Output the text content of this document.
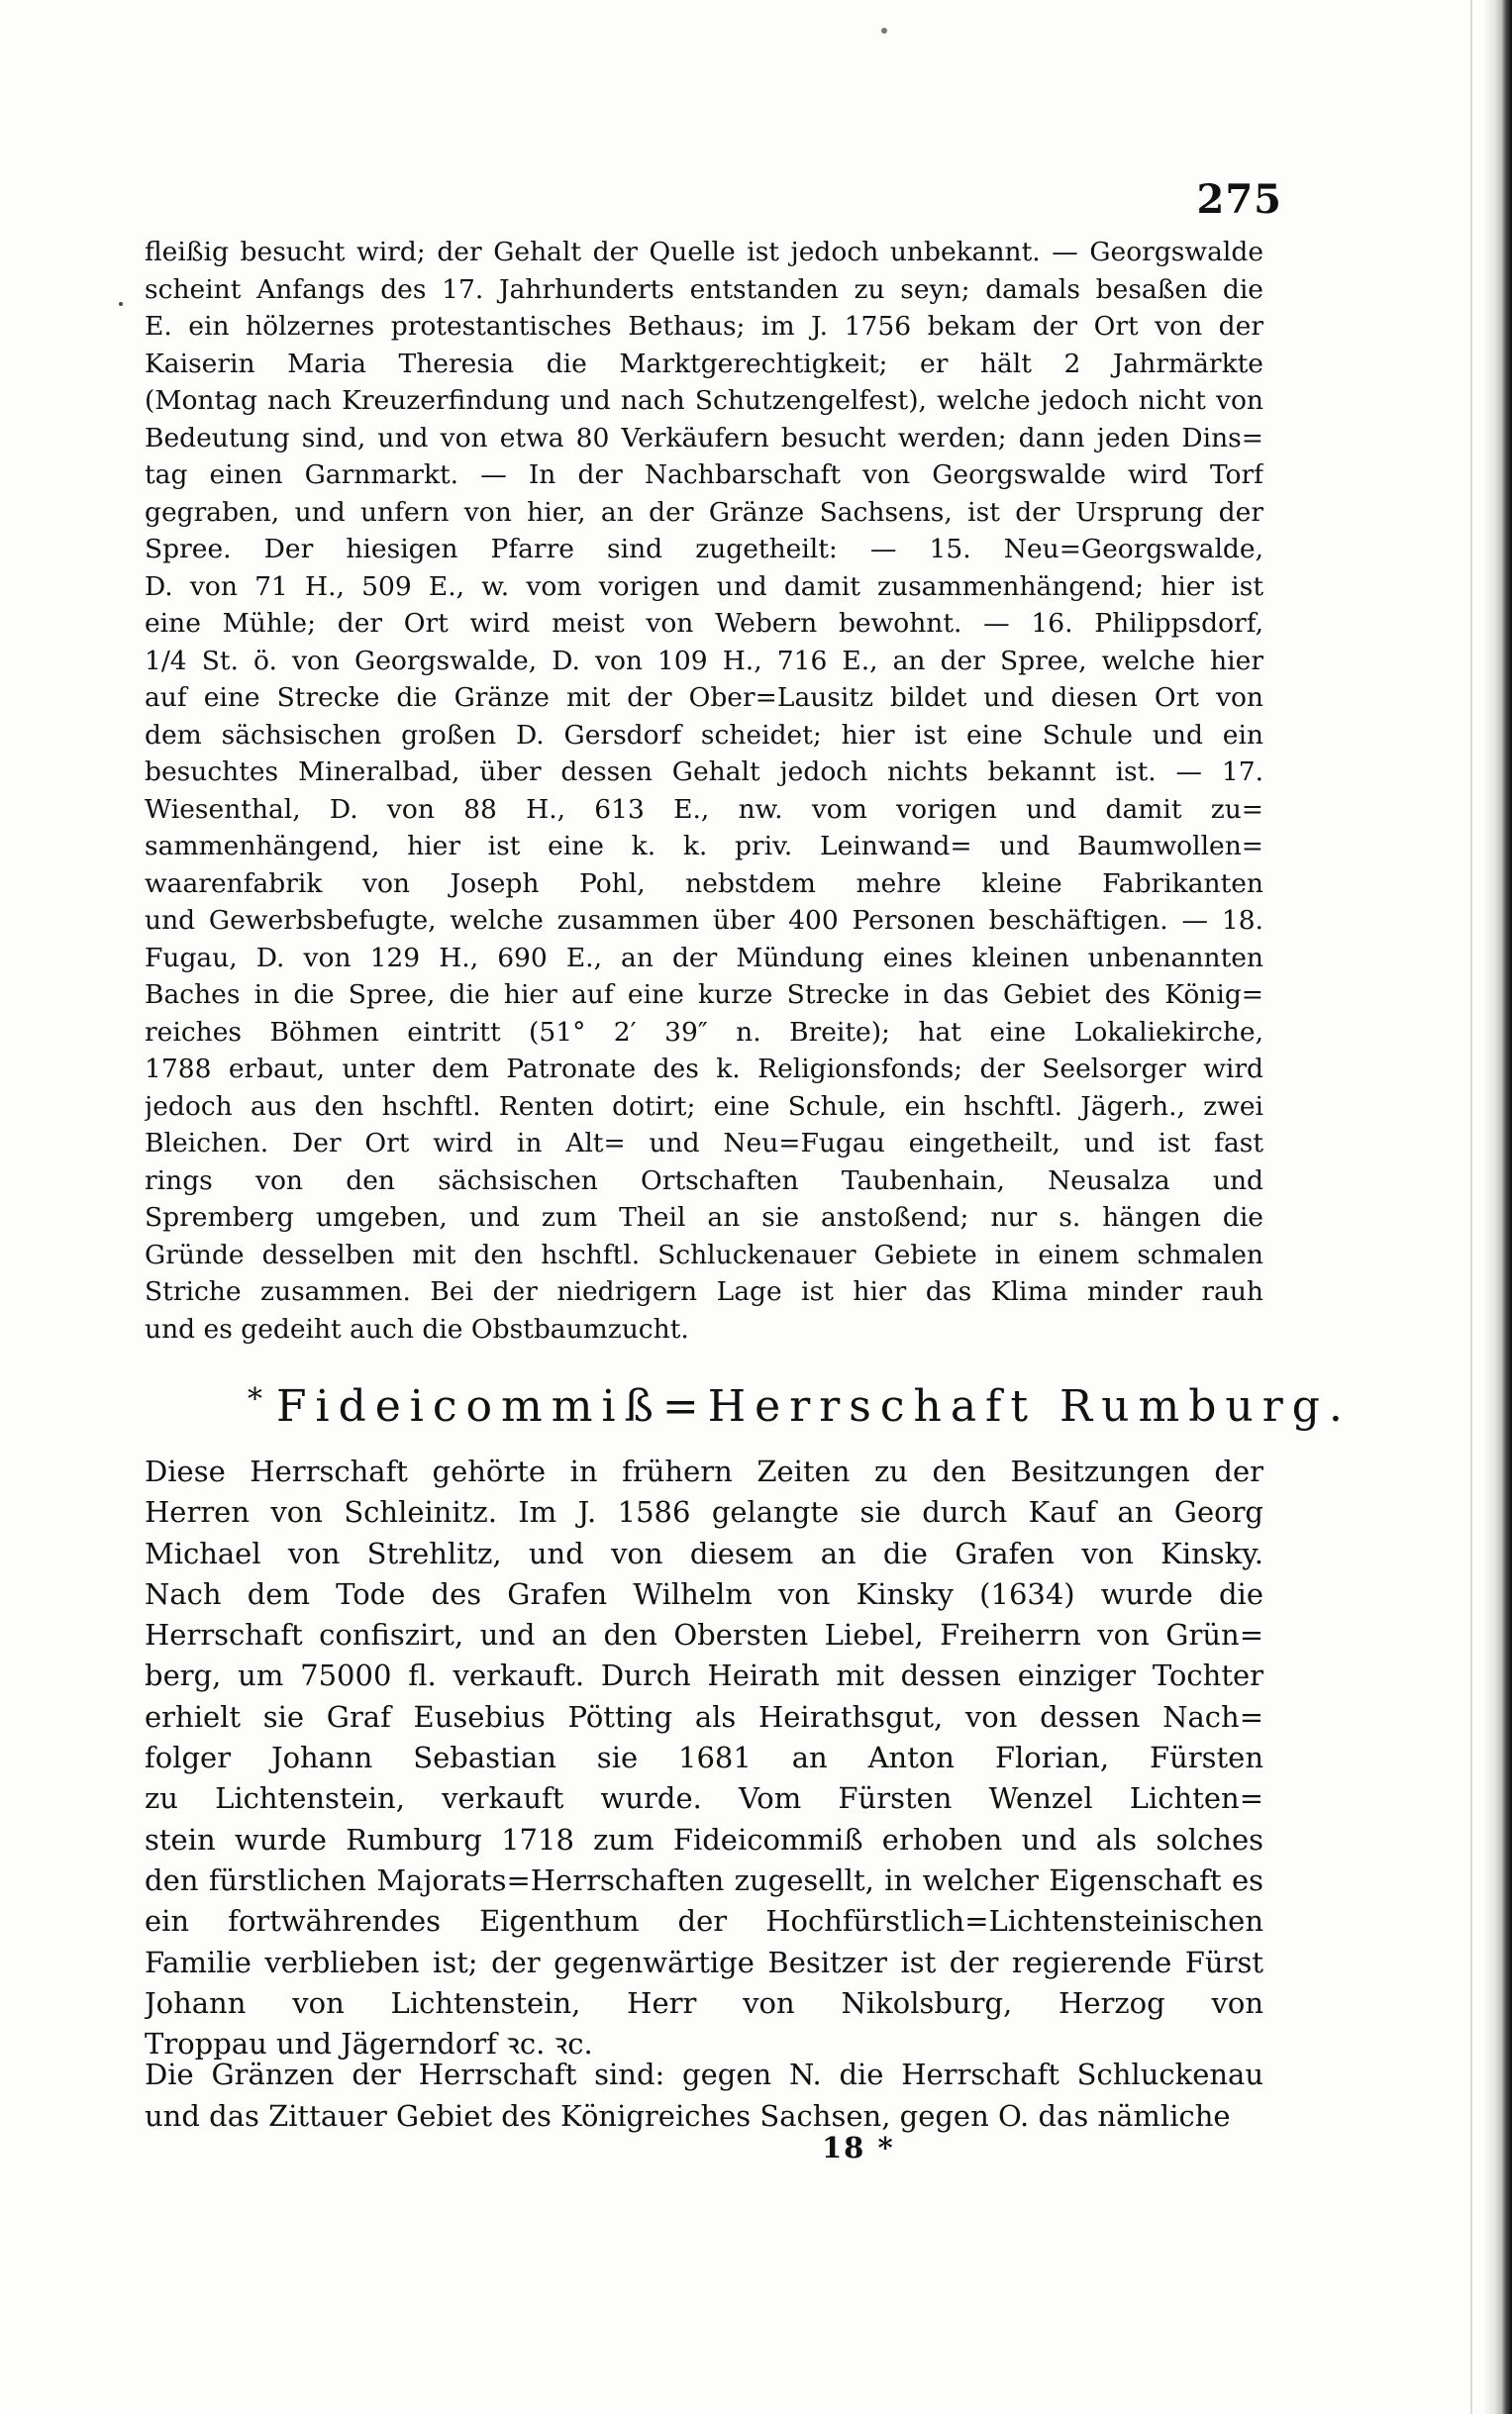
275
fleißig besucht wird; der Gehalt der Quelle ist jedoch unbekannt. — Georgswalde
scheint Anfangs des 17. Jahrhunderts entstanden zu seyn; damals besaßen die
E. ein hölzernes protestantisches Bethaus; im J. 1756 bekam der Ort von der
Kaiserin Maria Theresia die Marktgerechtigkeit; er hält 2 Jahrmärkte
(Montag nach Kreuzerfindung und nach Schutzengelfest), welche jedoch nicht von
Bedeutung sind, und von etwa 80 Verkäufern besucht werden; dann jeden Dins=
tag einen Garnmarkt. — In der Nachbarschaft von Georgswalde wird Torf
gegraben, und unfern von hier, an der Gränze Sachsens, ist der Ursprung der
Spree. Der hiesigen Pfarre sind zugetheilt: — 15. Neu=Georgswalde,
D. von 71 H., 509 E., w. vom vorigen und damit zusammenhängend; hier ist
eine Mühle; der Ort wird meist von Webern bewohnt. — 16. Philippsdorf,
1/4 St. ö. von Georgswalde, D. von 109 H., 716 E., an der Spree, welche hier
auf eine Strecke die Gränze mit der Ober=Lausitz bildet und diesen Ort von
dem sächsischen großen D. Gersdorf scheidet; hier ist eine Schule und ein
besuchtes Mineralbad, über dessen Gehalt jedoch nichts bekannt ist. — 17.
Wiesenthal, D. von 88 H., 613 E., nw. vom vorigen und damit zu=
sammenhängend, hier ist eine k. k. priv. Leinwand= und Baumwollen=
waarenfabrik von Joseph Pohl, nebstdem mehre kleine Fabrikanten
und Gewerbsbefugte, welche zusammen über 400 Personen beschäftigen. — 18.
Fugau, D. von 129 H., 690 E., an der Mündung eines kleinen unbenannten
Baches in die Spree, die hier auf eine kurze Strecke in das Gebiet des König=
reiches Böhmen eintritt (51° 2′ 39″ n. Breite); hat eine Lokaliekirche,
1788 erbaut, unter dem Patronate des k. Religionsfonds; der Seelsorger wird
jedoch aus den hschftl. Renten dotirt; eine Schule, ein hschftl. Jägerh., zwei
Bleichen. Der Ort wird in Alt= und Neu=Fugau eingetheilt, und ist fast
rings von den sächsischen Ortschaften Taubenhain, Neusalza und
Spremberg umgeben, und zum Theil an sie anstoßend; nur s. hängen die
Gründe desselben mit den hschftl. Schluckenauer Gebiete in einem schmalen
Striche zusammen. Bei der niedrigern Lage ist hier das Klima minder rauh
und es gedeiht auch die Obstbaumzucht.
* Fideicommiß=Herrschaft Rumburg.
Diese Herrschaft gehörte in frühern Zeiten zu den Besitzungen der
Herren von Schleinitz. Im J. 1586 gelangte sie durch Kauf an Georg
Michael von Strehlitz, und von diesem an die Grafen von Kinsky.
Nach dem Tode des Grafen Wilhelm von Kinsky (1634) wurde die
Herrschaft confiszirt, und an den Obersten Liebel, Freiherrn von Grün=
berg, um 75000 fl. verkauft. Durch Heirath mit dessen einziger Tochter
erhielt sie Graf Eusebius Pötting als Heirathsgut, von dessen Nach=
folger Johann Sebastian sie 1681 an Anton Florian, Fürsten
zu Lichtenstein, verkauft wurde. Vom Fürsten Wenzel Lichten=
stein wurde Rumburg 1718 zum Fideicommiß erhoben und als solches
den fürstlichen Majorats=Herrschaften zugesellt, in welcher Eigenschaft es
ein fortwährendes Eigenthum der Hochfürstlich=Lichtensteinischen
Familie verblieben ist; der gegenwärtige Besitzer ist der regierende Fürst
Johann von Lichtenstein, Herr von Nikolsburg, Herzog von
Troppau und Jägerndorf ꝛc. ꝛc.
Die Gränzen der Herrschaft sind: gegen N. die Herrschaft Schluckenau
und das Zittauer Gebiet des Königreiches Sachsen, gegen O. das nämliche
18 *
